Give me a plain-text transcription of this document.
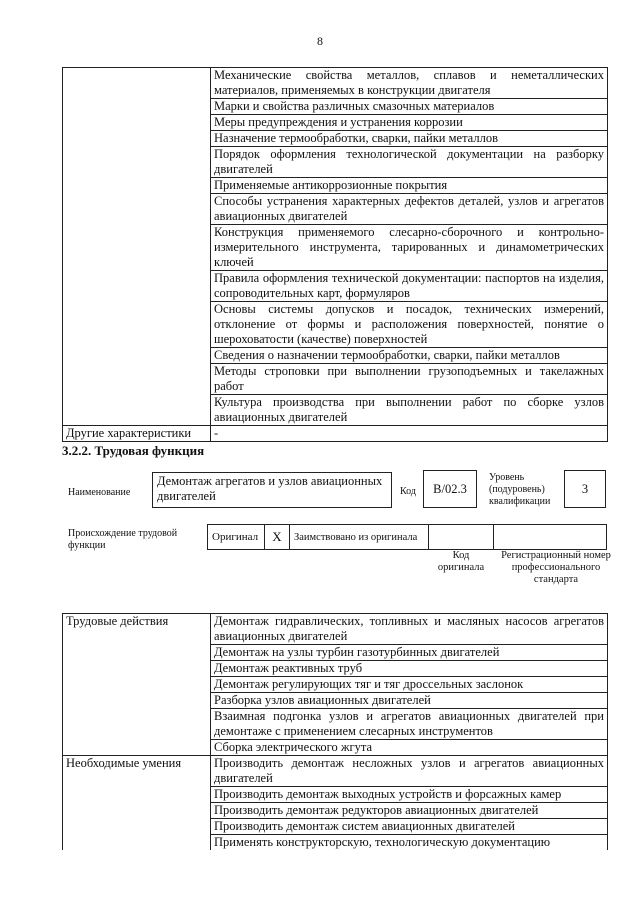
8
	Механические свойства металлов, сплавов и неметаллических материалов, применяемых в конструкции двигателя
	Марки и свойства различных смазочных материалов
	Меры предупреждения и устранения коррозии
	Назначение термообработки, сварки, пайки металлов
	Порядок оформления технологической документации на разборку двигателей
	Применяемые антикоррозионные покрытия
	Способы устранения характерных дефектов деталей, узлов и агрегатов авиационных двигателей
	Конструкция применяемого слесарно-сборочного и контрольно-измерительного инструмента, тарированных и динамометрических ключей
	Правила оформления технической документации: паспортов на изделия, сопроводительных карт, формуляров
	Основы системы допусков и посадок, технических измерений, отклонение от формы и расположения поверхностей, понятие о шероховатости (качестве) поверхностей
	Сведения о назначении термообработки, сварки, пайки металлов
	Методы строповки при выполнении грузоподъемных и такелажных работ
	Культура производства при выполнении работ по сборке узлов авиационных двигателей
Другие характеристики	-
3.2.2. Трудовая функция
Наименование
Демонтаж агрегатов и узлов авиационных двигателей	Код	B/02.3
Уровень (подуровень) квалификации
3
Происхождение трудовой функции
Оригинал	X	Заимствовано из оригинала
Код оригинала
Регистрационный номер профессионального стандарта
Трудовые действия	Демонтаж гидравлических, топливных и масляных насосов агрегатов авиационных двигателей
	Демонтаж на узлы турбин газотурбинных двигателей
	Демонтаж реактивных труб
	Демонтаж регулирующих тяг и тяг дроссельных заслонок
	Разборка узлов авиационных двигателей
	Взаимная подгонка узлов и агрегатов авиационных двигателей при демонтаже с применением слесарных инструментов
	Сборка электрического жгута
Необходимые умения	Производить демонтаж несложных узлов и агрегатов авиационных двигателей
	Производить демонтаж выходных устройств и форсажных камер
	Производить демонтаж редукторов авиационных двигателей
	Производить демонтаж систем авиационных двигателей
	Применять конструкторскую, технологическую документацию
